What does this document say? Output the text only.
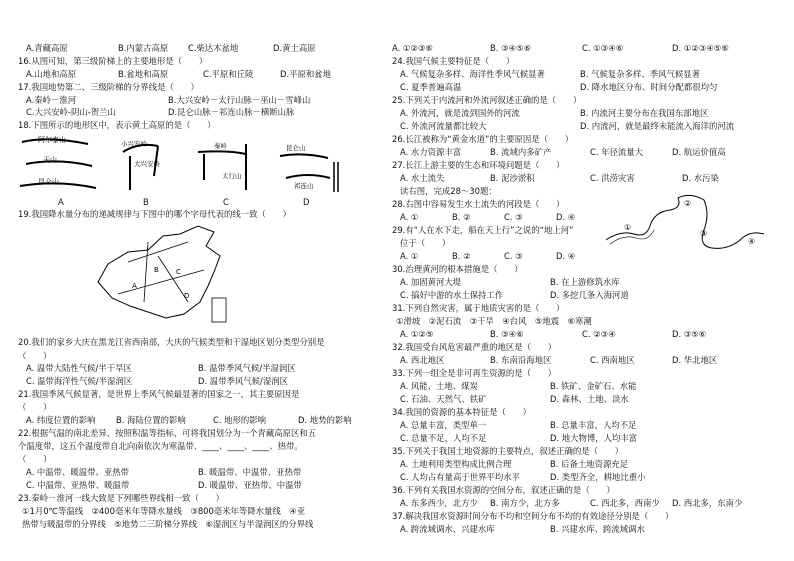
阿尔泰山
天山
昆仑山
小兴安岭
大兴安岭
秦岭
太行山
昆仑山
祁连山
B C
A
D
A.青藏高原	B.内蒙古高原 C.柴达木盆地	D.黄土高原
16.从图可知，第三级阶梯上的主要地形是（　　）
A.山地和高原	B.盆地和高原	C.平原和丘陵	D.平原和盆地
17.我国地势第二、三级阶梯的分界线是（　　）
A.秦岭－淮河	B.大兴安岭－太行山脉－巫山－雪峰山
C.大兴安岭-阴山-贺兰山	D.昆仑山脉－祁连山脉－横断山脉
18.下图所示的地形区中，表示黄土高原的是（　　）
A	B	C	D
19.我国降水量分布的递减规律与下图中的哪个字母代表的线一致（　　）
20.我们的家乡大庆在黑龙江省西南部，大庆的气候类型和干湿地区划分类型分别是
（　　）
A. 温带大陆性气候/半干旱区	B. 温带季风气候/半湿润区
C. 温带海洋性气候/半湿润区	D. 温带季风气候/湿润区
21.我国季风气候显著，是世界上季风气候最显著的国家之一，其主要原因是
（　　）
A. 纬度位置的影响 B. 海陆位置的影响	C. 地形的影响	D. 地势的影响
22.根据气温的南北差异，按照积温等指标，可将我国划分为一个青藏高原区和五
个温度带，这五个温度带自北向南依次为寒温带、____、____、____、热带。
（　　）
A. 中温带、暖温带、亚热带	B. 暖温带、中温带、亚热带
C. 中温带、亚热带、暖温带	D. 暖温带、亚热带、中温带
23.秦岭－淮河一线大致是下列哪些界线相一致（　　）
①1月0℃等温线　②400毫米年等降水量线　③800毫米年等降水量线　④亚
热带与暖温带的分界线　⑤地势二三阶梯分界线　⑥湿润区与半湿润区的分界线
①
②
③
④
A. ①②③⑥	B. ③④⑤⑥	C. ①③④⑥	D. ①②③④⑤⑥
24.我国气候主要特征是（　　）
A. 气候复杂多样、海洋性季风气候显著	B. 气候复杂多样、季风气候显著
C. 夏季普遍高温	D. 降水地区分布、时间分配都很均匀
25.下列关于内流河和外流河叙述正确的是（　　）
A. 外流河，就是流到国外的河流	B. 内流河主要分布在我国东部地区
C. 外流河流量都比较大	D. 内流河，就是最终未能流入海洋的河流
26.长江被称为“黄金水道”的主要原因是（　　）
A. 水力资源丰富	B. 流域内多矿产	C. 年径流量大	D. 航运价值高
27.长江上游主要的生态和环境问题是（　　）
A. 水土流失	B. 泥沙淤积	C. 洪涝灾害	D. 水污染
读右图，完成28～30题：
28.右图中容易发生水土流失的河段是（　　）
A. ①	B. ②	C. ③	D. ④
29.有“人在水下走，船在天上行”之说的“地上河”
位于（　　）
A. ①	B. ②	C. ③	D. ④
30.治理黄河的根本措施是（　　）
A. 加固黄河大堤	B. 在上游修筑水库
C. 搞好中游的水土保持工作	D. 多挖几条入海河道
31.下列自然灾害，属于地质灾害的是（　　）
①滑坡　②泥石流　③干旱　④台风　⑤地震　⑥寒潮
A. ①②⑤	B. ③④⑥	C. ②③④	D. ③⑤⑥
32.我国受台风危害最严重的地区是（　　）
A. 西北地区	B. 东南沿海地区	C. 西南地区	D. 华北地区
33.下列一组全是非可再生资源的是（　　）
A. 风能、土地、煤炭	B. 铁矿、金矿石、水能
C. 石油、天然气、铁矿	D. 森林、土地、淡水
34.我国的资源的基本特征是（　　）
A. 总量丰富，类型单一	B. 总量丰富，人均不足
C. 总量不足，人均不足	D. 地大物博，人均丰富
35.下列关于我国土地资源的主要特点，叙述正确的是（　　）
A. 土地利用类型构成比例合理	B. 后备土地资源充足
C. 人均占有量高于世界平均水平	D. 类型齐全，耕地比重小
36.下列有关我国水资源的空间分布，叙述正确的是（　　）
A. 东多西少，北方少 B. 南方少，北方多	C. 西北多，西南少 D. 西北多，东南少
37.解决我国水资源时间分布不均和空间分布不均的有效途径分别是（　　）
A. 跨流域调水、兴建水库	B. 兴建水库、跨流域调水
